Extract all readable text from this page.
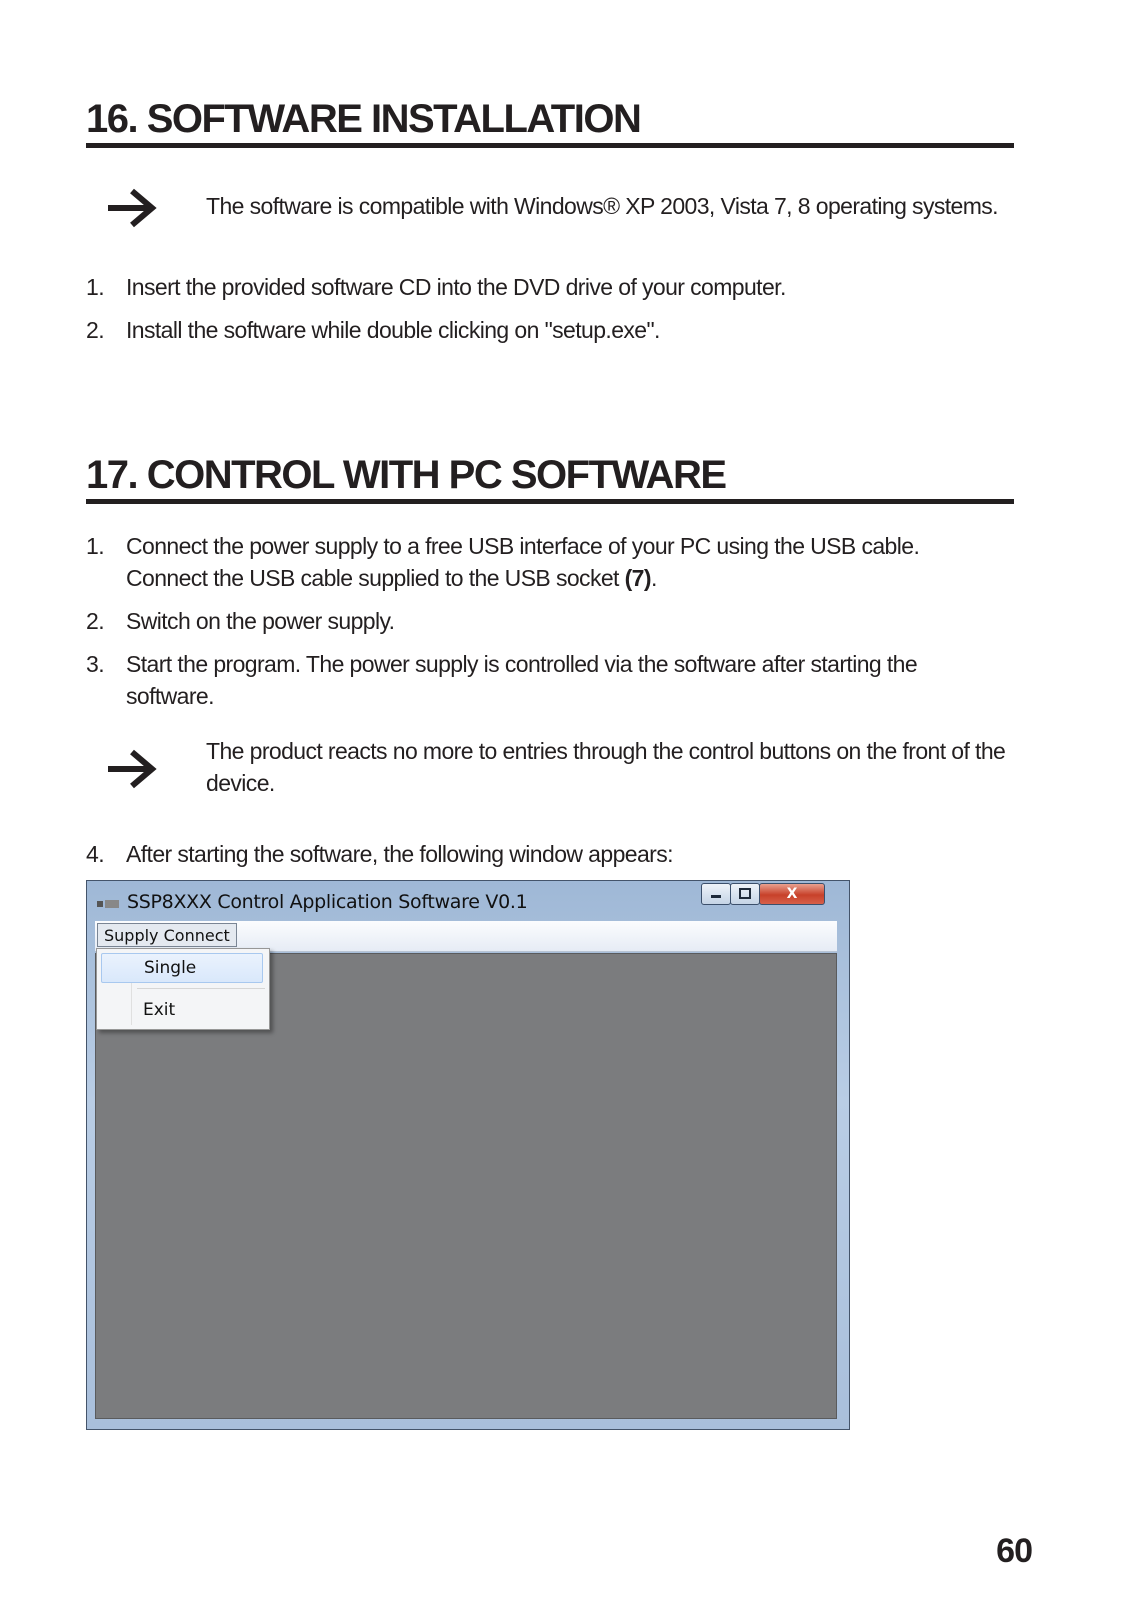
16. SOFTWARE INSTALLATION
The software is compatible with Windows® XP 2003, Vista 7, 8 operating systems.
1. Insert the provided software CD into the DVD drive of your computer.
2. Install the software while double clicking on "setup.exe".
17. CONTROL WITH PC SOFTWARE
1. Connect the power supply to a free USB interface of your PC using the USB cable. Connect the USB cable supplied to the USB socket (7).
2. Switch on the power supply.
3. Start the program. The power supply is controlled via the software after starting the software.
The product reacts no more to entries through the control buttons on the front of the device.
4. After starting the software, the following window appears:
SSP8XXX Control Application Software V0.1	X
Supply Connect
Single
Exit
60
